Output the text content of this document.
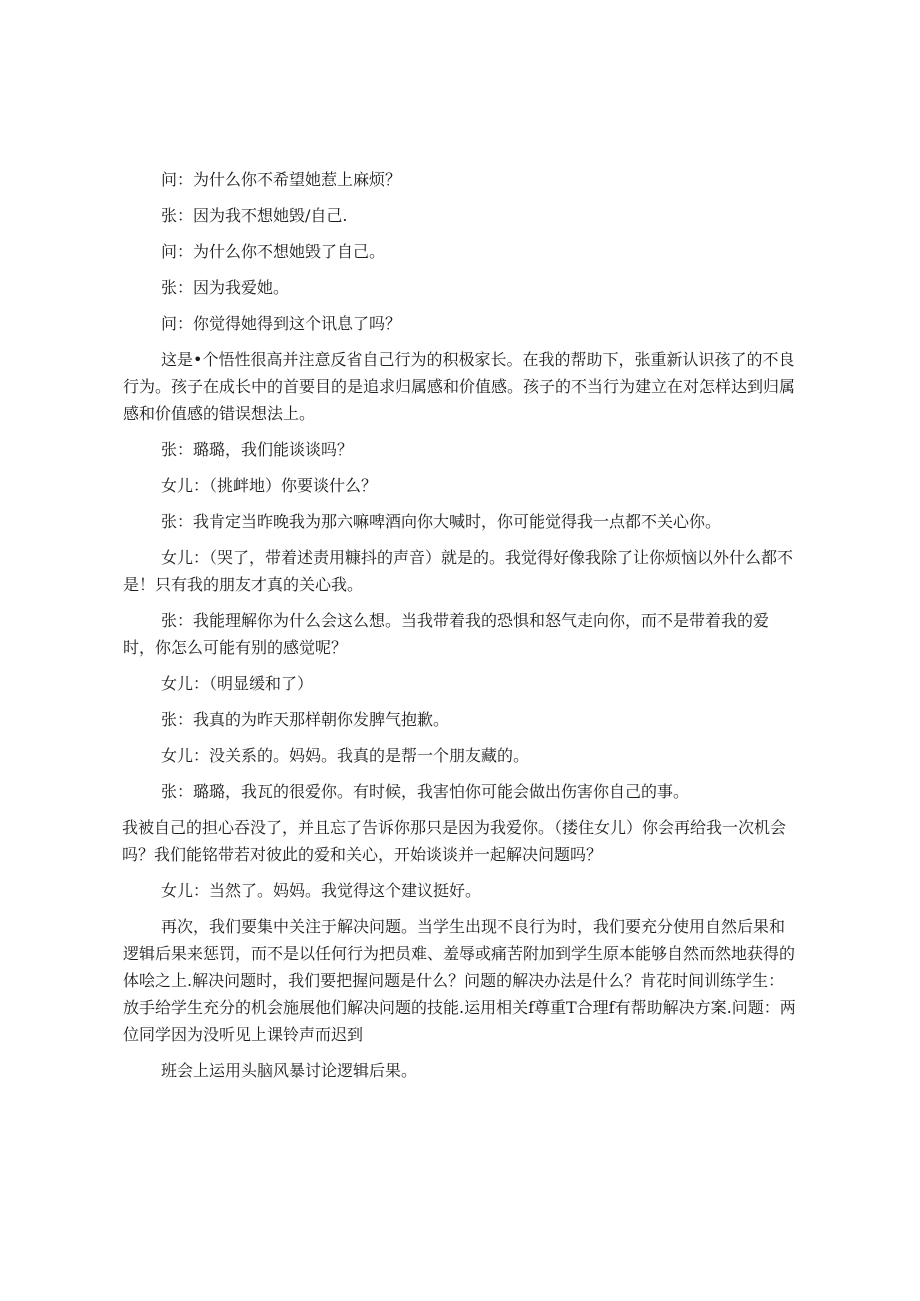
问：为什么你不希望她惹上麻烦？

张：因为我不想她毁/自己.

问：为什么你不想她毁了自己。

张：因为我爱她。

问：你觉得她得到这个讯息了吗？

这是•个悟性很高并注意反省自己行为的积极家长。在我的帮助下，张重新认识孩了的不良行为。孩子在成长中的首要目的是追求归属感和价值感。孩子的不当行为建立在对怎样达到归属感和价值感的错误想法上。

张：璐璐，我们能谈谈吗？

女儿：（挑衅地）你要谈什么？

张：我肯定当昨晚我为那六嘛啤酒向你大喊时，你可能觉得我一点都不关心你。

女儿：（哭了，带着述责用糠抖的声音）就是的。我觉得好像我除了让你烦恼以外什么都不是！只有我的朋友才真的关心我。

张：我能理解你为什么会这么想。当我带着我的恐惧和怒气走向你，而不是带着我的爱时，你怎么可能有别的感觉呢？

女儿：（明显缓和了）

张：我真的为昨天那样朝你发脾气抱歉。

女儿：没关系的。妈妈。我真的是帮一个朋友藏的。

张：璐璐，我瓦的很爱你。有时候，我害怕你可能会做出伤害你自己的事。

我被自己的担心吞没了，并且忘了告诉你那只是因为我爱你。（搂住女儿）你会再给我一次机会吗？我们能铭带若对彼此的爱和关心，开始谈谈并一起解决问题吗？

女儿：当然了。妈妈。我觉得这个建议挺好。

再次，我们要集中关注于解决问题。当学生出现不良行为时，我们要充分使用自然后果和逻辑后果来惩罚，而不是以任何行为把员难、羞辱或痛苦附加到学生原本能够自然而然地获得的体哙之上.解决问题时，我们要把握问题是什么？问题的解决办法是什么？肯花时间训练学生：放手给学生充分的机会施展他们解决问题的技能.运用相关f尊重T合理f有帮助解决方案.问题：两位同学因为没听见上课铃声而迟到

班会上运用头脑风暴讨论逻辑后果。
